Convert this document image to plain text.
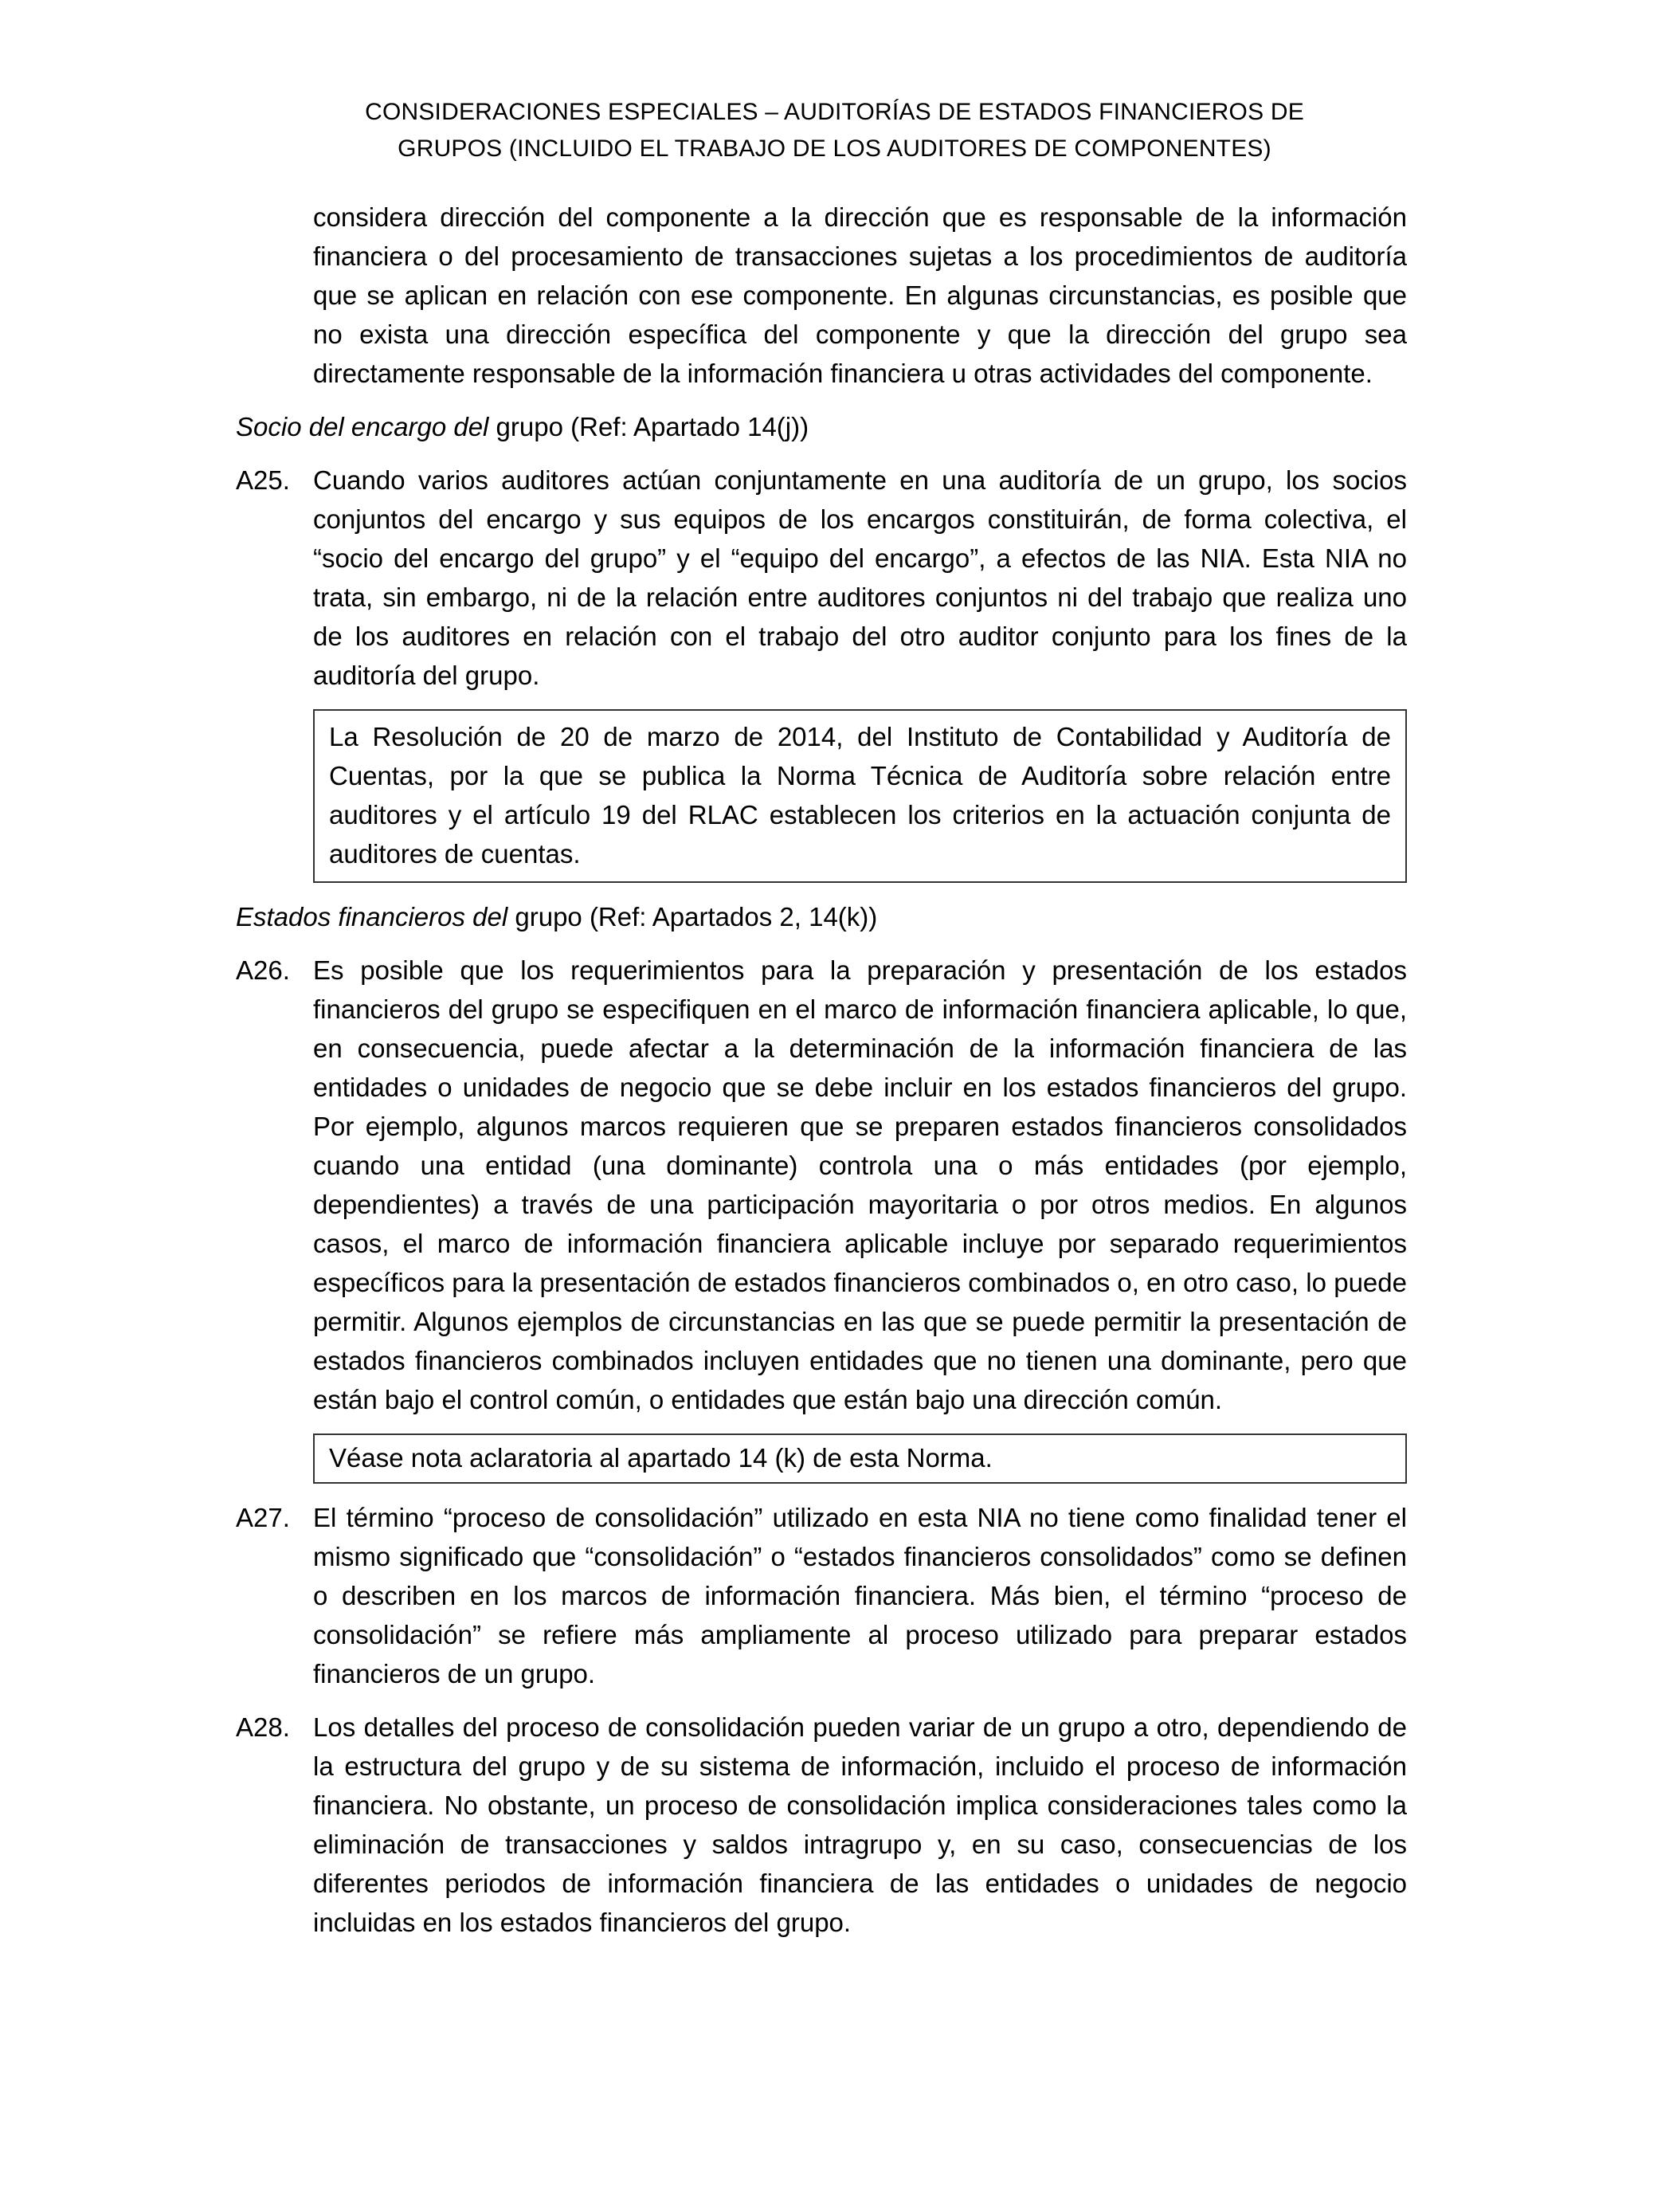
CONSIDERACIONES ESPECIALES – AUDITORÍAS DE ESTADOS FINANCIEROS DE
GRUPOS (INCLUIDO EL TRABAJO DE LOS AUDITORES DE COMPONENTES)
considera dirección del componente a la dirección que es responsable de la información financiera o del procesamiento de transacciones sujetas a los procedimientos de auditoría que se aplican en relación con ese componente. En algunas circunstancias, es posible que no exista una dirección específica del componente y que la dirección del grupo sea directamente responsable de la información financiera u otras actividades del componente.
Socio del encargo del grupo (Ref: Apartado 14(j))
A25. Cuando varios auditores actúan conjuntamente en una auditoría de un grupo, los socios conjuntos del encargo y sus equipos de los encargos constituirán, de forma colectiva, el “socio del encargo del grupo” y el “equipo del encargo”, a efectos de las NIA. Esta NIA no trata, sin embargo, ni de la relación entre auditores conjuntos ni del trabajo que realiza uno de los auditores en relación con el trabajo del otro auditor conjunto para los fines de la auditoría del grupo.
La Resolución de 20 de marzo de 2014, del Instituto de Contabilidad y Auditoría de Cuentas, por la que se publica la Norma Técnica de Auditoría sobre relación entre auditores y el artículo 19 del RLAC establecen los criterios en la actuación conjunta de auditores de cuentas.
Estados financieros del grupo (Ref: Apartados 2, 14(k))
A26. Es posible que los requerimientos para la preparación y presentación de los estados financieros del grupo se especifiquen en el marco de información financiera aplicable, lo que, en consecuencia, puede afectar a la determinación de la información financiera de las entidades o unidades de negocio que se debe incluir en los estados financieros del grupo. Por ejemplo, algunos marcos requieren que se preparen estados financieros consolidados cuando una entidad (una dominante) controla una o más entidades (por ejemplo, dependientes) a través de una participación mayoritaria o por otros medios. En algunos casos, el marco de información financiera aplicable incluye por separado requerimientos específicos para la presentación de estados financieros combinados o, en otro caso, lo puede permitir. Algunos ejemplos de circunstancias en las que se puede permitir la presentación de estados financieros combinados incluyen entidades que no tienen una dominante, pero que están bajo el control común, o entidades que están bajo una dirección común.
Véase nota aclaratoria al apartado 14 (k) de esta Norma.
A27. El término “proceso de consolidación” utilizado en esta NIA no tiene como finalidad tener el mismo significado que “consolidación” o “estados financieros consolidados” como se definen o describen en los marcos de información financiera. Más bien, el término “proceso de consolidación” se refiere más ampliamente al proceso utilizado para preparar estados financieros de un grupo.
A28. Los detalles del proceso de consolidación pueden variar de un grupo a otro, dependiendo de la estructura del grupo y de su sistema de información, incluido el proceso de información financiera. No obstante, un proceso de consolidación implica consideraciones tales como la eliminación de transacciones y saldos intragrupo y, en su caso, consecuencias de los diferentes periodos de información financiera de las entidades o unidades de negocio incluidas en los estados financieros del grupo.
